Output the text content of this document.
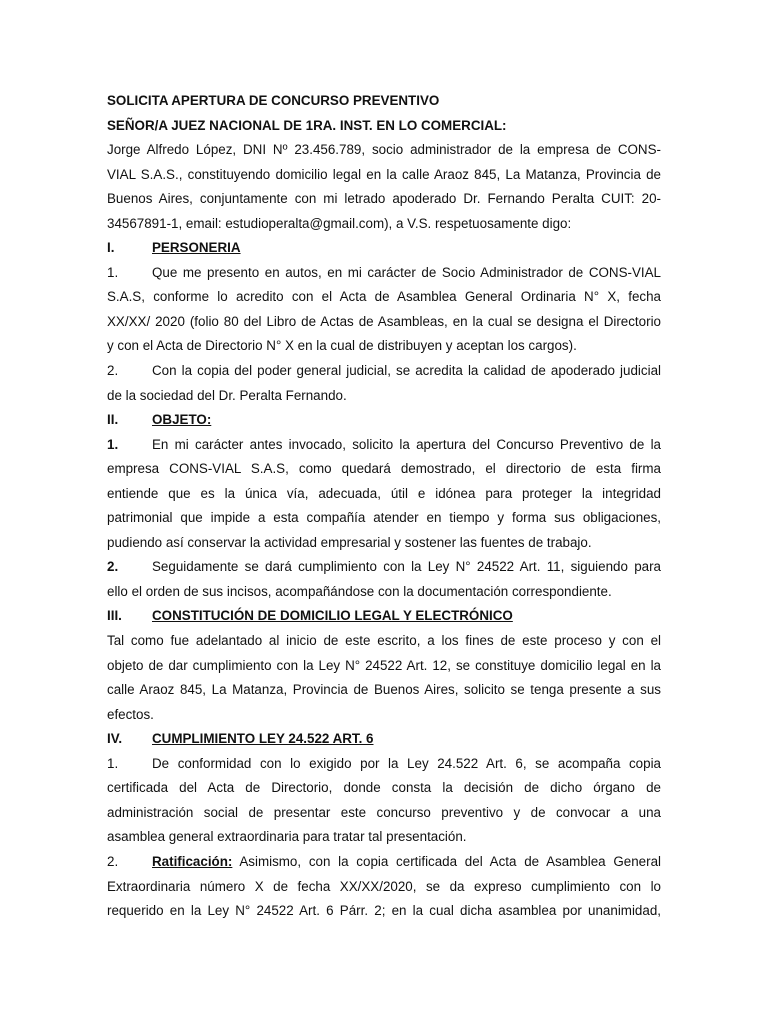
SOLICITA APERTURA DE CONCURSO PREVENTIVO
SEÑOR/A JUEZ NACIONAL DE 1RA. INST. EN LO COMERCIAL:
Jorge Alfredo López, DNI Nº 23.456.789, socio administrador de la empresa de CONS-
VIAL S.A.S., constituyendo domicilio legal en la calle Araoz 845, La Matanza, Provincia de
Buenos Aires, conjuntamente con mi letrado apoderado Dr. Fernando Peralta CUIT: 20-
34567891-1, email: estudioperalta@gmail.com), a V.S. respetuosamente digo:
I.	PERSONERIA
1.	Que me presento en autos, en mi carácter de Socio Administrador de CONS-VIAL
S.A.S, conforme lo acredito con el Acta de Asamblea General Ordinaria N° X, fecha
XX/XX/ 2020 (folio 80 del Libro de Actas de Asambleas, en la cual se designa el Directorio
y con el Acta de Directorio N° X en la cual de distribuyen y aceptan los cargos).
2.	Con la copia del poder general judicial, se acredita la calidad de apoderado judicial
de la sociedad del Dr. Peralta Fernando.
II.	OBJETO:
1.	En mi carácter antes invocado, solicito la apertura del Concurso Preventivo de la
empresa CONS-VIAL S.A.S, como quedará demostrado, el directorio de esta firma
entiende que es la única vía, adecuada, útil e idónea para proteger la integridad
patrimonial que impide a esta compañía atender en tiempo y forma sus obligaciones,
pudiendo así conservar la actividad empresarial y sostener las fuentes de trabajo.
2.	Seguidamente se dará cumplimiento con la Ley N° 24522 Art. 11, siguiendo para
ello el orden de sus incisos, acompañándose con la documentación correspondiente.
III. CONSTITUCIÓN DE DOMICILIO LEGAL Y ELECTRÓNICO
Tal como fue adelantado al inicio de este escrito, a los fines de este proceso y con el
objeto de dar cumplimiento con la Ley N° 24522 Art. 12, se constituye domicilio legal en la
calle Araoz 845, La Matanza, Provincia de Buenos Aires, solicito se tenga presente a sus
efectos.
IV. CUMPLIMIENTO LEY 24.522 ART. 6
1.	De conformidad con lo exigido por la Ley 24.522 Art. 6, se acompaña copia
certificada del Acta de Directorio, donde consta la decisión de dicho órgano de
administración social de presentar este concurso preventivo y de convocar a una
asamblea general extraordinaria para tratar tal presentación.
2.	Ratificación: Asimismo, con la copia certificada del Acta de Asamblea General
Extraordinaria número X de fecha XX/XX/2020, se da expreso cumplimiento con lo
requerido en la Ley N° 24522 Art. 6 Párr. 2; en la cual dicha asamblea por unanimidad,
